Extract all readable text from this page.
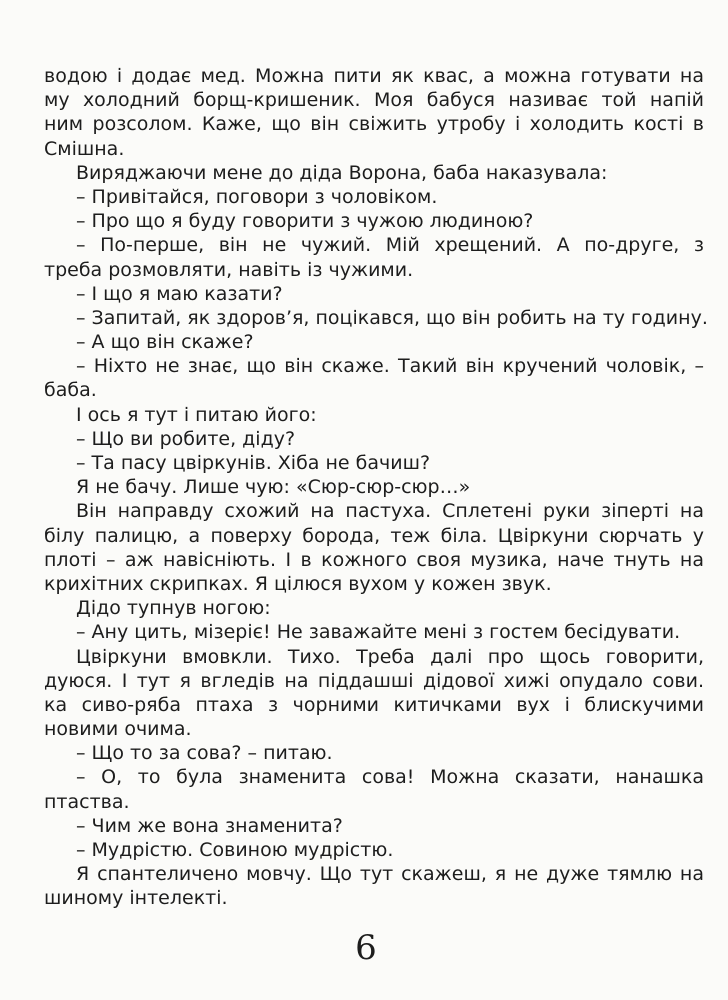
водою і додає мед. Можна пити як квас, а можна готувати на
му холодний борщ-кришеник. Моя бабуся називає той напій
ним розсолом. Каже, що він свіжить утробу і холодить кості в
Смішна.
Виряджаючи мене до діда Ворона, баба наказувала:
– Привітайся, поговори з чоловіком.
– Про що я буду говорити з чужою людиною?
– По-перше, він не чужий. Мій хрещений. А по-друге, з
треба розмовляти, навіть із чужими.
– І що я маю казати?
– Запитай, як здоров’я, поцікався, що він робить на ту годину.
– А що він скаже?
– Ніхто не знає, що він скаже. Такий він кручений чоловік, –
баба.
І ось я тут і питаю його:
– Що ви робите, діду?
– Та пасу цвіркунів. Хіба не бачиш?
Я не бачу. Лише чую: «Сюр-сюр-сюр…»
Він направду схожий на пастуха. Сплетені руки зіперті на
білу палицю, а поверху борода, теж біла. Цвіркуни сюрчать у
плоті – аж навісніють. І в кожного своя музика, наче тнуть на
крихітних скрипках. Я цілюся вухом у кожен звук.
Дідо тупнув ногою:
– Ану цить, мізеріє! Не заважайте мені з гостем бесідувати.
Цвіркуни вмовкли. Тихо. Треба далі про щось говорити,
дуюся. І тут я вгледів на піддашші дідової хижі опудало сови.
ка сиво-ряба птаха з чорними китичками вух і блискучими
новими очима.
– Що то за сова? – питаю.
– О, то була знаменита сова! Можна сказати, нанашка
птаства.
– Чим же вона знаменита?
– Мудрістю. Совиною мудрістю.
Я спантеличено мовчу. Що тут скажеш, я не дуже тямлю на
шиному інтелекті.
6
